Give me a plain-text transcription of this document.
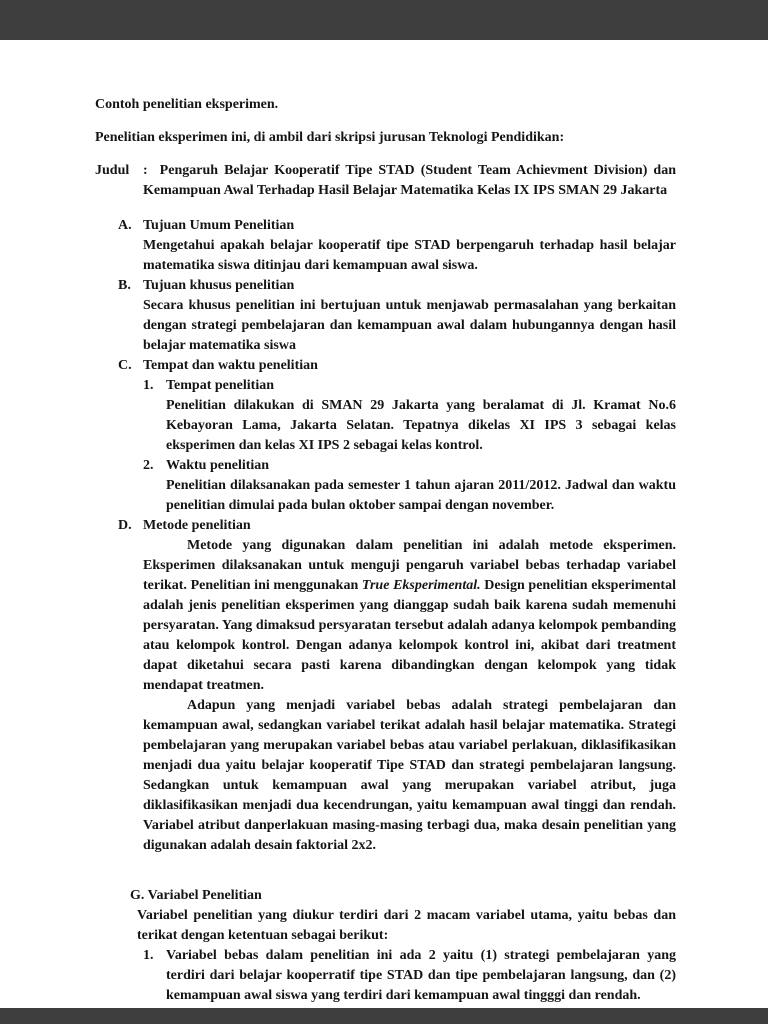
Contoh penelitian eksperimen.

Penelitian eksperimen ini, di ambil dari skripsi jurusan Teknologi Pendidikan:

Judul : Pengaruh Belajar Kooperatif Tipe STAD (Student Team Achievment Division) dan Kemampuan Awal Terhadap Hasil Belajar Matematika Kelas IX IPS SMAN 29 Jakarta
A. Tujuan Umum Penelitian
Mengetahui apakah belajar kooperatif tipe STAD berpengaruh terhadap hasil belajar matematika siswa ditinjau dari kemampuan awal siswa.
B. Tujuan khusus penelitian
Secara khusus penelitian ini bertujuan untuk menjawab permasalahan yang berkaitan dengan strategi pembelajaran dan kemampuan awal dalam hubungannya dengan hasil belajar matematika siswa
C. Tempat dan waktu penelitian
1. Tempat penelitian
Penelitian dilakukan di SMAN 29 Jakarta yang beralamat di Jl. Kramat No.6 Kebayoran Lama, Jakarta Selatan. Tepatnya dikelas XI IPS 3 sebagai kelas eksperimen dan kelas XI IPS 2 sebagai kelas kontrol.
2. Waktu penelitian
Penelitian dilaksanakan pada semester 1 tahun ajaran 2011/2012. Jadwal dan waktu penelitian dimulai pada bulan oktober sampai dengan november.
D. Metode penelitian

Metode yang digunakan dalam penelitian ini adalah metode eksperimen. Eksperimen dilaksanakan untuk menguji pengaruh variabel bebas terhadap variabel terikat. Penelitian ini menggunakan True Eksperimental. Design penelitian eksperimental adalah jenis penelitian eksperimen yang dianggap sudah baik karena sudah memenuhi persyaratan. Yang dimaksud persyaratan tersebut adalah adanya kelompok pembanding atau kelompok kontrol. Dengan adanya kelompok kontrol ini, akibat dari treatment dapat diketahui secara pasti karena dibandingkan dengan kelompok yang tidak mendapat treatmen.

Adapun yang menjadi variabel bebas adalah strategi pembelajaran dan kemampuan awal, sedangkan variabel terikat adalah hasil belajar matematika. Strategi pembelajaran yang merupakan variabel bebas atau variabel perlakuan, diklasifikasikan menjadi dua yaitu belajar kooperatif Tipe STAD dan strategi pembelajaran langsung. Sedangkan untuk kemampuan awal yang merupakan variabel atribut, juga diklasifikasikan menjadi dua kecendrungan, yaitu kemampuan awal tinggi dan rendah. Variabel atribut danperlakuan masing-masing terbagi dua, maka desain penelitian yang digunakan adalah desain faktorial 2x2.

G. Variabel Penelitian
Variabel penelitian yang diukur terdiri dari 2 macam variabel utama, yaitu bebas dan terikat dengan ketentuan sebagai berikut:
1. Variabel bebas dalam penelitian ini ada 2 yaitu (1) strategi pembelajaran yang terdiri dari belajar kooperratif tipe STAD dan tipe pembelajaran langsung, dan (2) kemampuan awal siswa yang terdiri dari kemampuan awal tingggi dan rendah.
